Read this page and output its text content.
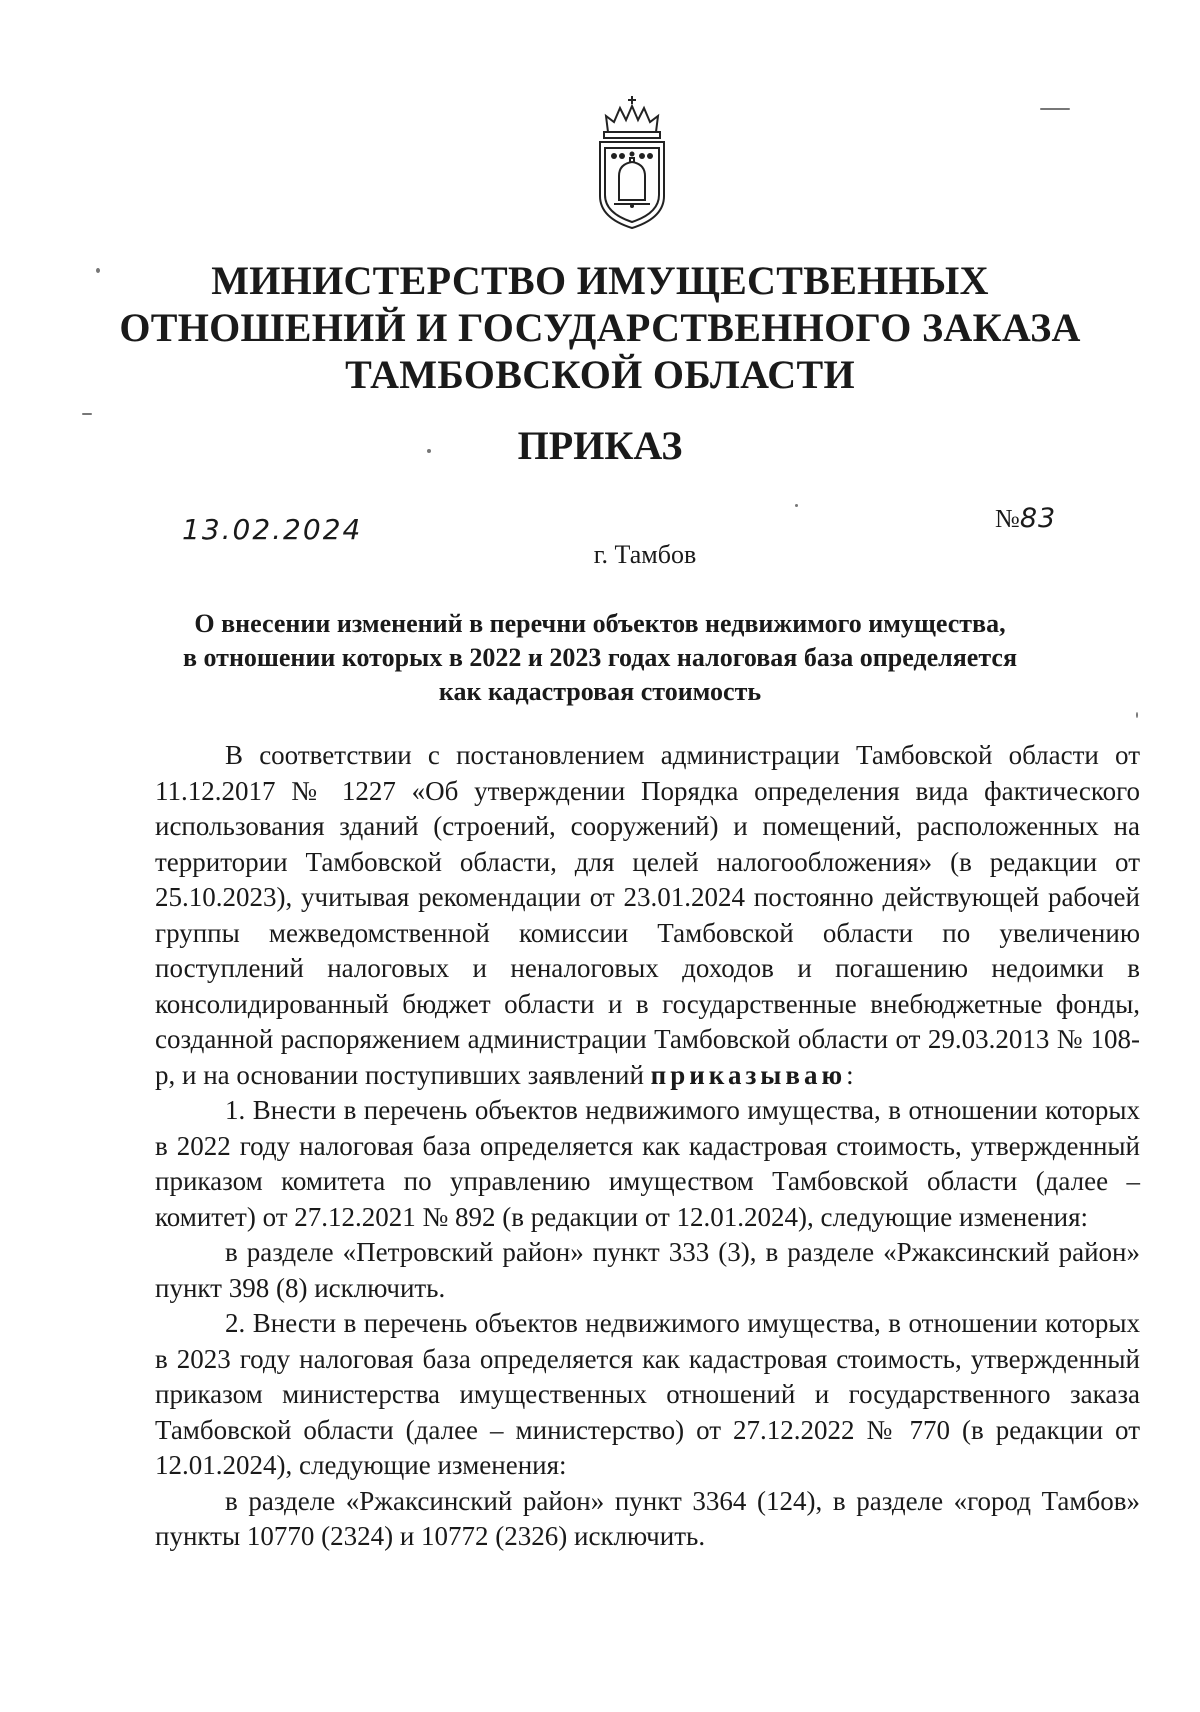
МИНИСТЕРСТВО ИМУЩЕСТВЕННЫХ
ОТНОШЕНИЙ И ГОСУДАРСТВЕННОГО ЗАКАЗА
ТАМБОВСКОЙ ОБЛАСТИ
ПРИКАЗ
13.02.2024	№83
г. Тамбов
О внесении изменений в перечни объектов недвижимого имущества,
в отношении которых в 2022 и 2023 годах налоговая база определяется
как кадастровая стоимость

В соответствии с постановлением администрации Тамбовской области от 11.12.2017 № 1227 «Об утверждении Порядка определения вида фактического использования зданий (строений, сооружений) и помещений, расположенных на территории Тамбовской области, для целей налогообложения» (в редакции от 25.10.2023), учитывая рекомендации от 23.01.2024 постоянно действующей рабочей группы межведомственной комиссии Тамбовской области по увеличению поступлений налоговых и неналоговых доходов и погашению недоимки в консолидированный бюджет области и в государственные внебюджетные фонды, созданной распоряжением администрации Тамбовской области от 29.03.2013 № 108-р, и на основании поступивших заявлений приказываю:

1. Внести в перечень объектов недвижимого имущества, в отношении которых в 2022 году налоговая база определяется как кадастровая стоимость, утвержденный приказом комитета по управлению имуществом Тамбовской области (далее – комитет) от 27.12.2021 № 892 (в редакции от 12.01.2024), следующие изменения:

в разделе «Петровский район» пункт 333 (3), в разделе «Ржаксинский район» пункт 398 (8) исключить.

2. Внести в перечень объектов недвижимого имущества, в отношении которых в 2023 году налоговая база определяется как кадастровая стоимость, утвержденный приказом министерства имущественных отношений и государственного заказа Тамбовской области (далее – министерство) от 27.12.2022 № 770 (в редакции от 12.01.2024), следующие изменения:

в разделе «Ржаксинский район» пункт 3364 (124), в разделе «город Тамбов» пункты 10770 (2324) и 10772 (2326) исключить.
